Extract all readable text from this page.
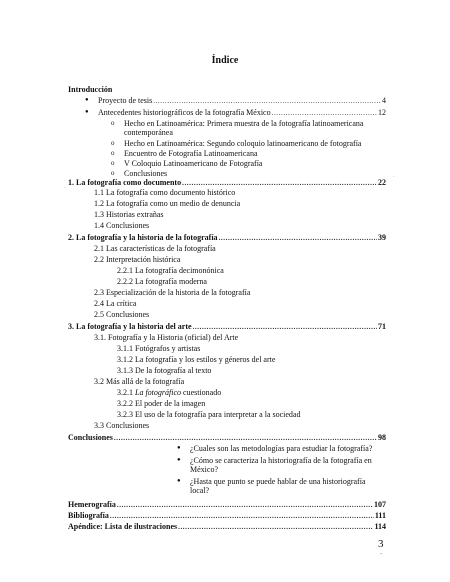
Índice
Introducción
● Proyecto de tesis .....	4
● Antecedentes historiográficos de la fotografía México .....	12
o Hecho en Latinoamérica: Primera muestra de la fotografía latinoamericana
contemporánea
o Hecho en Latinoamérica: Segundo coloquio latinoamericano de fotografía
o Encuentro de Fotografía Latinoamericana
o V Coloquio Latinoamericano de Fotografía
o Conclusiones
1. La fotografía como documento .....	22
1.1 La fotografía como documento histórico
1.2 La fotografía como un medio de denuncia
1.3 Historias extrañas
1.4 Conclusiones
2. La fotografía y la historia de la fotografía .....	39
2.1 Las características de la fotografía
2.2 Interpretación histórica
2.2.1 La fotografía decimonónica
2.2.2 La fotografía moderna
2.3 Especialización de la historia de la fotografía
2.4 La crítica
2.5 Conclusiones
3. La fotografía y la historia del arte .....	71
3.1. Fotografía y la Historia (oficial) del Arte
3.1.1 Fotógrafos y artistas
3.1.2 La fotografía y los estilos y géneros del arte
3.1.3 De la fotografía al texto
3.2 Más allá de la fotografía
3.2.1 La fotográfico cuestionado
3.2.2 El poder de la imagen
3.2.3 El uso de la fotografía para interpretar a la sociedad
3.3 Conclusiones
Conclusiones .....	98
● ¿Cuales son las metodologías para estudiar la fotografía?
● ¿Cómo se caracteriza la historiografía de la fotografía en
México?
● ¿Hasta que punto se puede hablar de una historiografía
local?
Hemerografía .....	107
Bibliografía .....	111
Apéndice: Lista de ilustraciones .....	114
3
·
·
~
